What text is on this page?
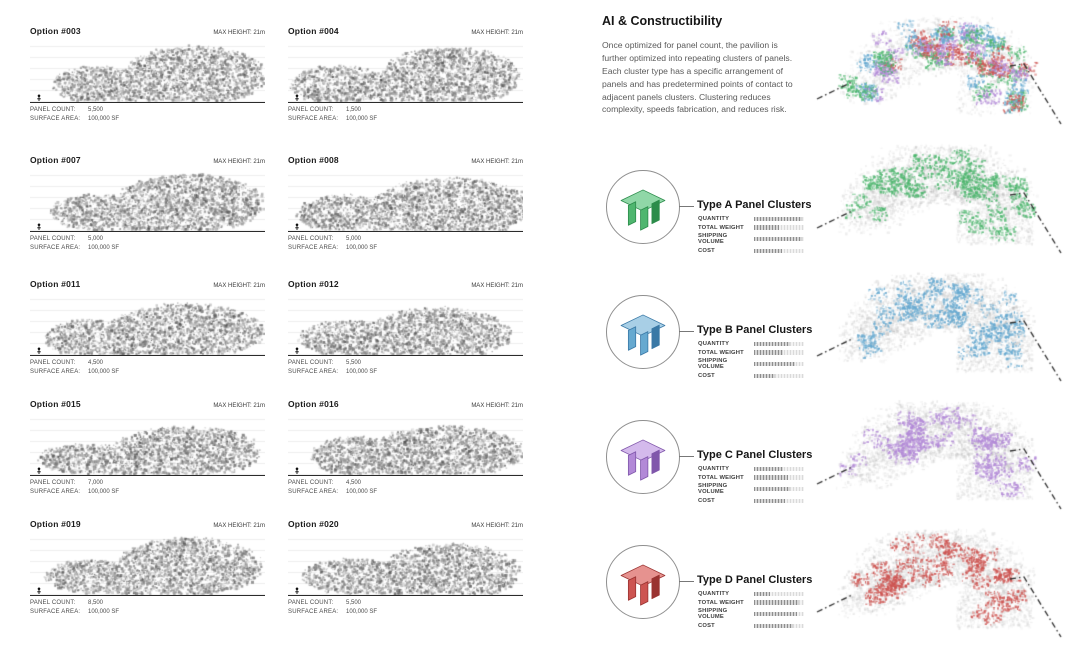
Option #003	MAX HEIGHT: 21m
PANEL COUNT:	5,500
SURFACE AREA:	100,000 SF
Option #004	MAX HEIGHT: 21m
PANEL COUNT:	1,500
SURFACE AREA:	100,000 SF
Option #007	MAX HEIGHT: 21m
PANEL COUNT:	5,000
SURFACE AREA:	100,000 SF
Option #008	MAX HEIGHT: 21m
PANEL COUNT:	5,000
SURFACE AREA:	100,000 SF
Option #011	MAX HEIGHT: 21m
PANEL COUNT:	4,500
SURFACE AREA:	100,000 SF
Option #012	MAX HEIGHT: 21m
PANEL COUNT:	5,500
SURFACE AREA:	100,000 SF
Option #015	MAX HEIGHT: 21m
PANEL COUNT:	7,000
SURFACE AREA:	100,000 SF
Option #016	MAX HEIGHT: 21m
PANEL COUNT:	4,500
SURFACE AREA:	100,000 SF
Option #019	MAX HEIGHT: 21m
PANEL COUNT:	8,500
SURFACE AREA:	100,000 SF
Option #020	MAX HEIGHT: 21m
PANEL COUNT:	5,500
SURFACE AREA:	100,000 SF
AI & Constructibility
Once optimized for panel count, the pavilion is further optimized into repeating clusters of panels. Each cluster type has a specific arrangement of panels and has predetermined points of contact to adjacent panels clusters. Clustering reduces complexity, speeds fabrication, and reduces risk.
Type A Panel Clusters
QUANTITY
TOTAL WEIGHT
SHIPPING VOLUME
COST
Type B Panel Clusters
QUANTITY
TOTAL WEIGHT
SHIPPING VOLUME
COST
Type C Panel Clusters
QUANTITY
TOTAL WEIGHT
SHIPPING VOLUME
COST
Type D Panel Clusters
QUANTITY
TOTAL WEIGHT
SHIPPING VOLUME
COST
